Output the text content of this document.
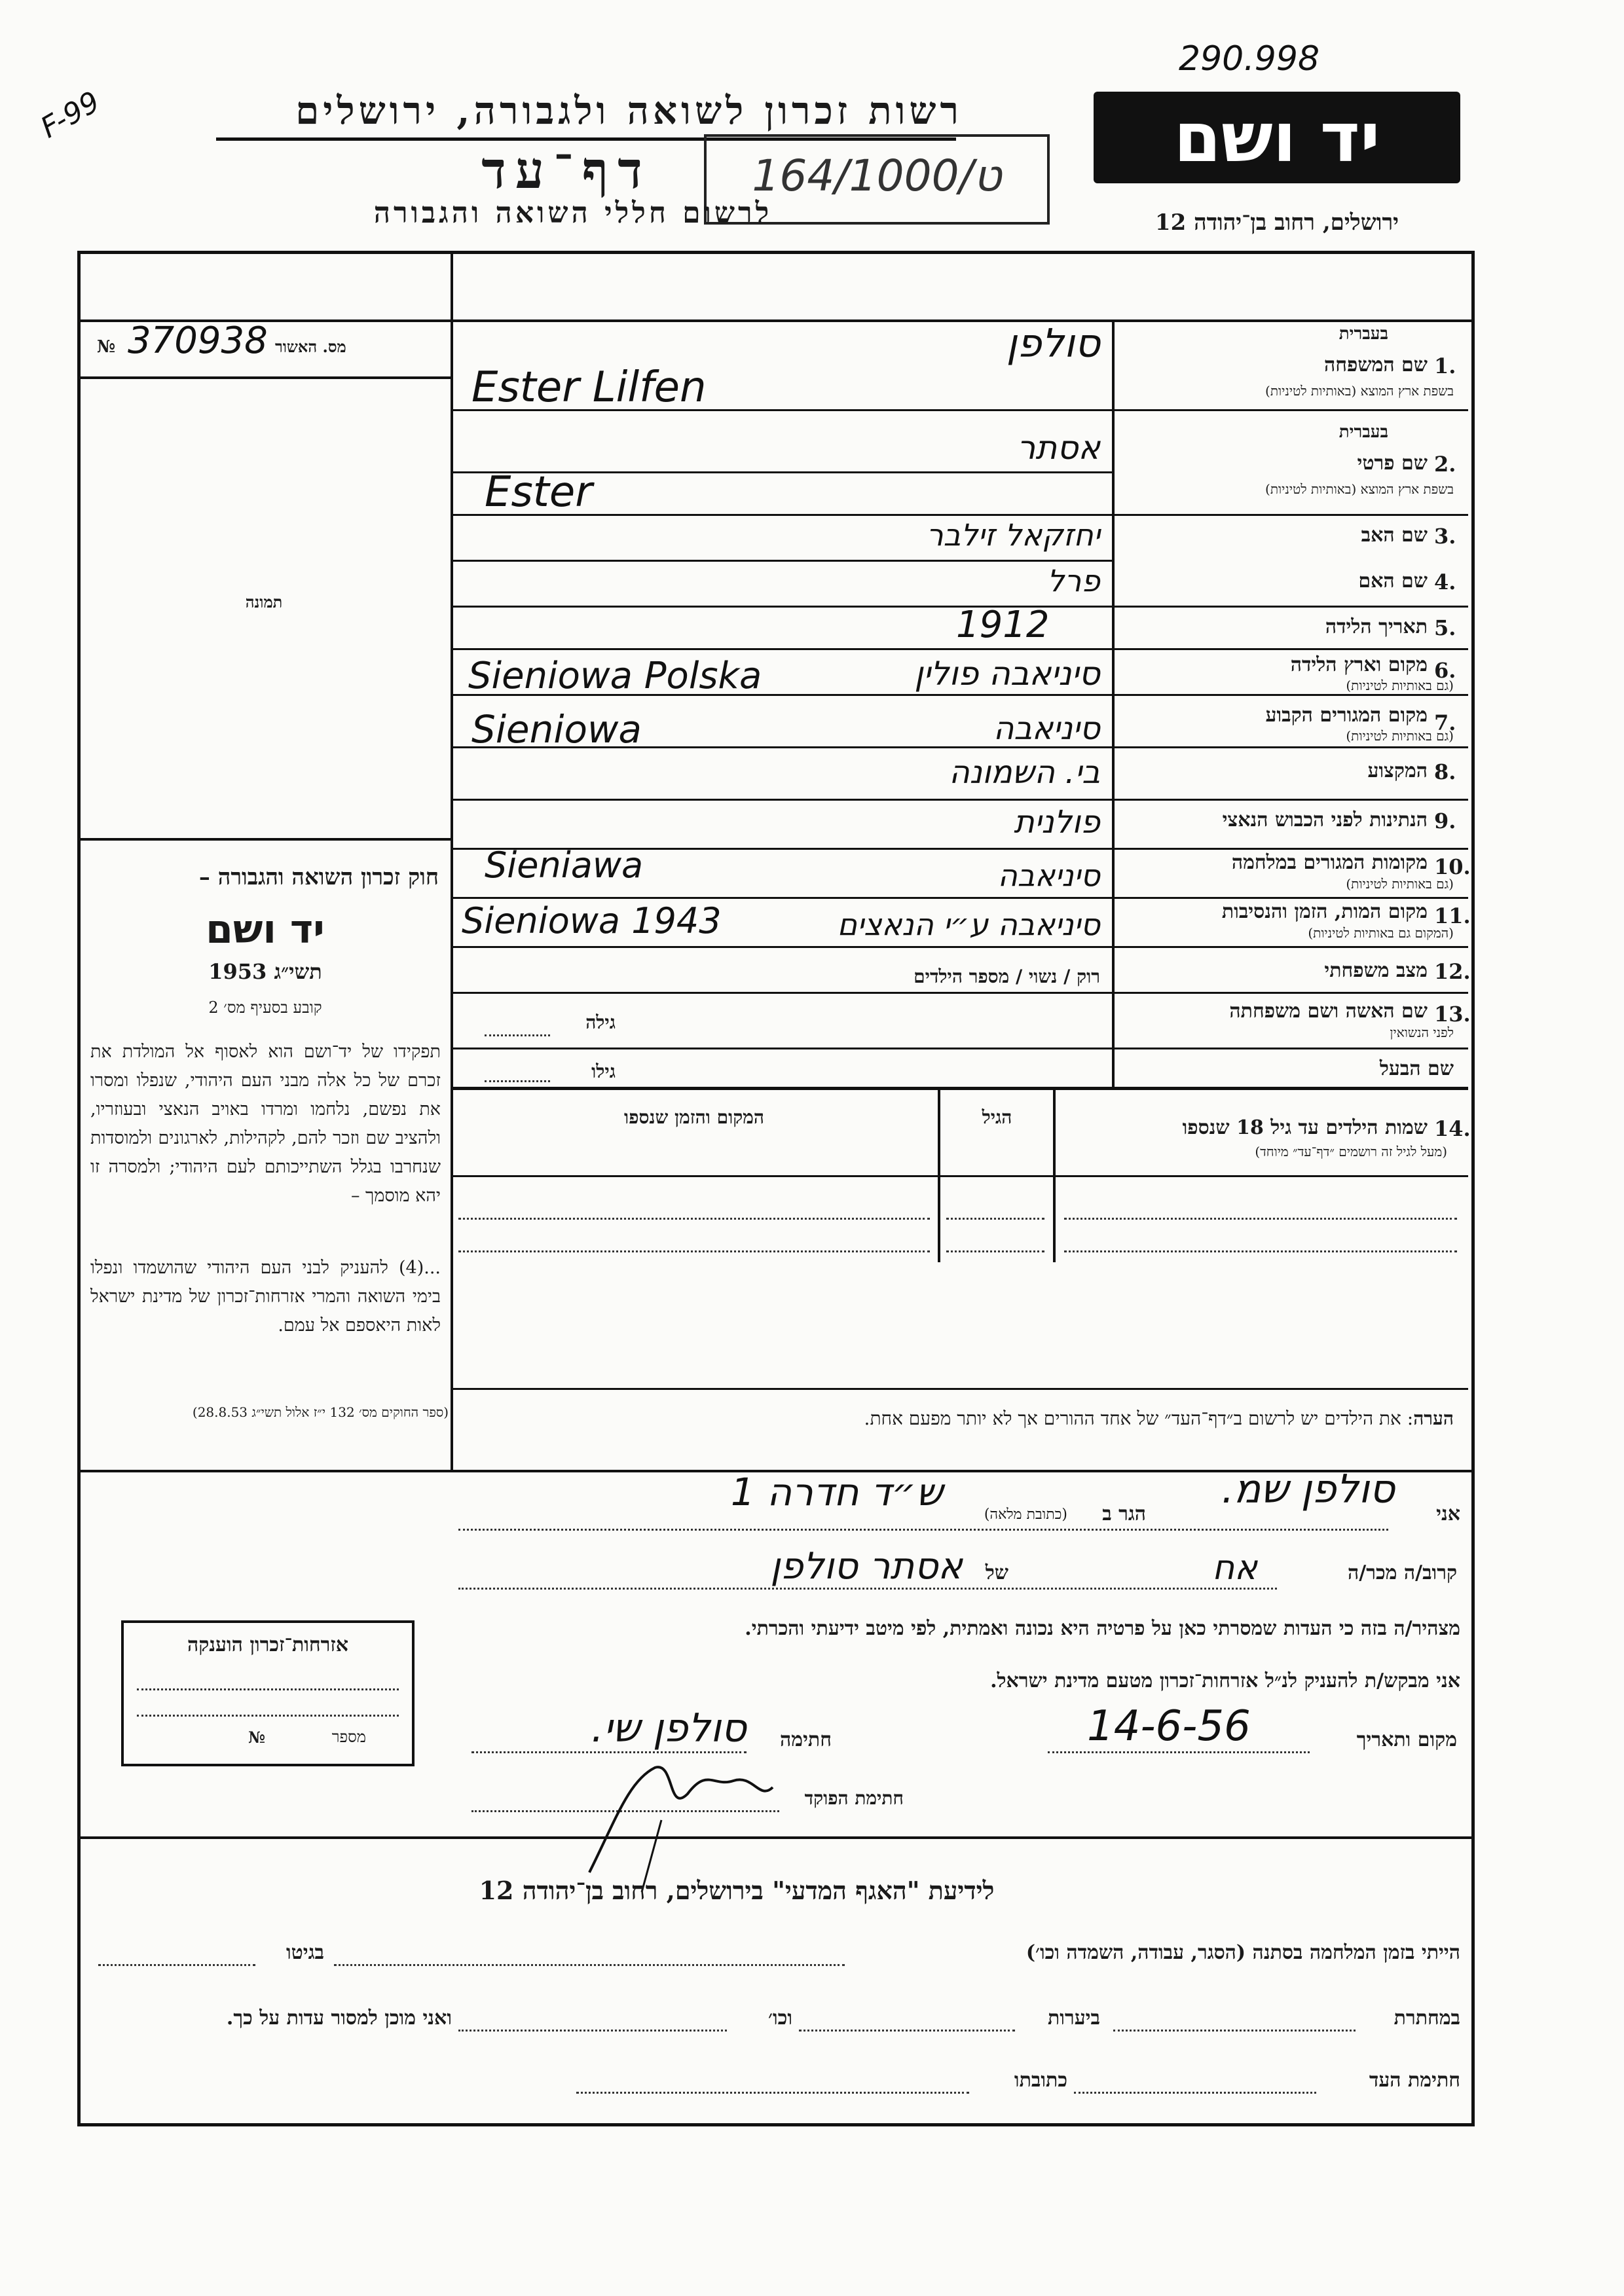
290.998
F-99	רשות זכרון לשואה ולגבורה, ירושלים
דף־עד	164/1000/ט
לרשום חללי השואה והגבורה
יד ושם
ירושלים, רחוב בן־יהודה 12
מס. האשור
№ 370938
תמונה
חוק זכרון השואה והגבורה –
יד ושם
תשי״ג 1953
קובע בסעיף מס׳ 2
תפקידו של יד־ושם הוא לאסוף אל המולדת את זכרם של כל אלה מבני העם היהודי, שנפלו ומסרו את נפשם, נלחמו ומרדו באויב הנאצי ובעוזריו, ולהציב שם וזכר להם, לקהילות, לארגונים ולמוסדות שנחרבו בגלל השתייכותם לעם היהודי; ולמסרה זו יהא מוסמך –
...(4) להעניק לבני העם היהודי שהושמדו ונפלו בימי השואה והמרי אזרחות־זכרון של מדינת ישראל לאות היאספם אל עמם.
(ספר החוקים מס׳ 132 י״ז אלול תשי״ג 28.8.53)
בעברית
1.
שם המשפחה
בשפת ארץ המוצא (באותיות לטיניות)
סולפן
Ester Lilfen
בעברית
2.
שם פרטי
בשפת ארץ המוצא (באותיות לטיניות)
אסתר
Ester
3.
שם האב
יחזקאל זילבר
4.
שם האם
פרל
5.
תאריך הלידה
1912
6.
מקום וארץ הלידה
(גם באותיות לטיניות)
סיניאבה פולין
Sieniowa Polska
7.
מקום המגורים הקבוע
(גם באותיות לטיניות)
סיניאבה
Sieniowa
8.
המקצוע
בי. השמונה
9.
הנתינות לפני הכבוש הנאצי
פולנית
10.
מקומות המגורים במלחמה
(גם באותיות לטיניות)
סיניאבה
Sieniawa
11.
מקום המות, הזמן והנסיבות
(המקום גם באותיות לטיניות)
סיניאבה ע״י הנאצים
Sieniowa 1943
12.
מצב משפחתי
רוק / נשוי / מספר הילדים
13.
שם האשה ושם משפחתה
לפני הנשואין
גילה
שם הבעל
גילו
14.
שמות הילדים עד גיל 18 שנספו
(מעל לגיל זה רושמים ״דף־עד״ מיוחד)
הגיל
המקום והזמן שנספו
הערה: את הילדים יש לרשום ב״דף־העד״ של אחד ההורים אך לא יותר מפעם אחת.
אני
סולפן שמ.
הגר ב
(כתובת מלאה)
ש״ד חדרה 1
קרוב/ה מכר/ה
אח
של
אסתר סולפן
מצהיר/ה בזה כי העדות שמסרתי כאן על פרטיה היא נכונה ואמתית, לפי מיטב ידיעתי והכרתי.
אני מבקש/ת להעניק לנ״ל אזרחות־זכרון מטעם מדינת ישראל.
מקום ותאריך
14-6-56
חתימה
סולפן שי.
חתימת הפוקד
אזרחות־זכרון הוענקה
מספר
№
לידיעת "האגף המדעי" בירושלים, רחוב בן־יהודה 12
הייתי בזמן המלחמה בסתנה (הסגר, עבודה, השמדה וכו׳)
בגיטו
במחתרת
ביערות
וכו׳
ואני מוכן למסור עדות על כך.
חתימת העד
כתובתו
